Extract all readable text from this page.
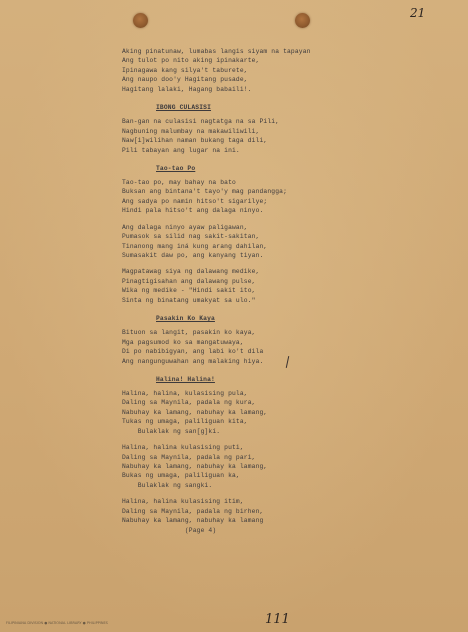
21
Aking pinatunaw, lumabas langis siyam na tapayan
Ang tulot po nito aking ipinakarte,
Ipinagawa kang silya't taburete,
Ang naupo doo'y Hagitang pusade,
Hagitang lalaki, Hagang babaili!.
IBONG CULASISI
Ban-gan na culasisi nagtatga na sa Pili,
Nagbuning malumbay na makawiliwili,
Naw[i]wilihan naman bukang taga dili,
Pili tabayan ang lugar na ini.
Tao-tao Po
Tao-tao po, may bahay na bato
Buksan ang bintana't tayo'y mag pandangga;
Ang sadya po namin hitso't sigarilye;
Hindi pala hitso't ang dalaga ninyo.
Ang dalaga ninyo ayaw paligawan,
Pumasok sa silid nag sakit-sakitan,
Tinanong mang iná kung arang dahilan,
Sumasakit daw po, ang kanyang tiyan.
Magpatawag siya ng dalawang medike,
Pinagtigisahan ang dalawang pulse,
Wika ng medike - "Hindi sakit ito,
Sinta ng binatang umakyat sa ulo."
Pasakin Ko Kaya
Bituon sa langit, pasakin ko kaya,
Mga pagsumod ko sa mangatuwaya,
Di po nabibigyan, ang labi ko't dila
Ang nangunguwahan ang malaking hiya.
Halina! Halina!
Halina, halina, kulasising pula,
Daling sa Maynila, padala ng kura,
Nabuhay ka lamang, nabuhay ka lamang,
Tukas ng umaga, paliliguan kita,
Bulaklak ng san[g]kí.
Halina, halina kulasising puti,
Daling sa Maynila, padala ng pari,
Nabuhay ka lamang, nabuhay ka lamang,
Bukas ng umaga, paliliguan ka,
Bulaklak ng sangki.
Halina, halina kulasising itim,
Daling sa Maynila, padala ng birhen,
Nabuhay ka lamang, nabuhay ka lamang
(Page 4)
111
FILIPINIANA DIVISION ● NATIONAL LIBRARY ● PHILIPPINES
